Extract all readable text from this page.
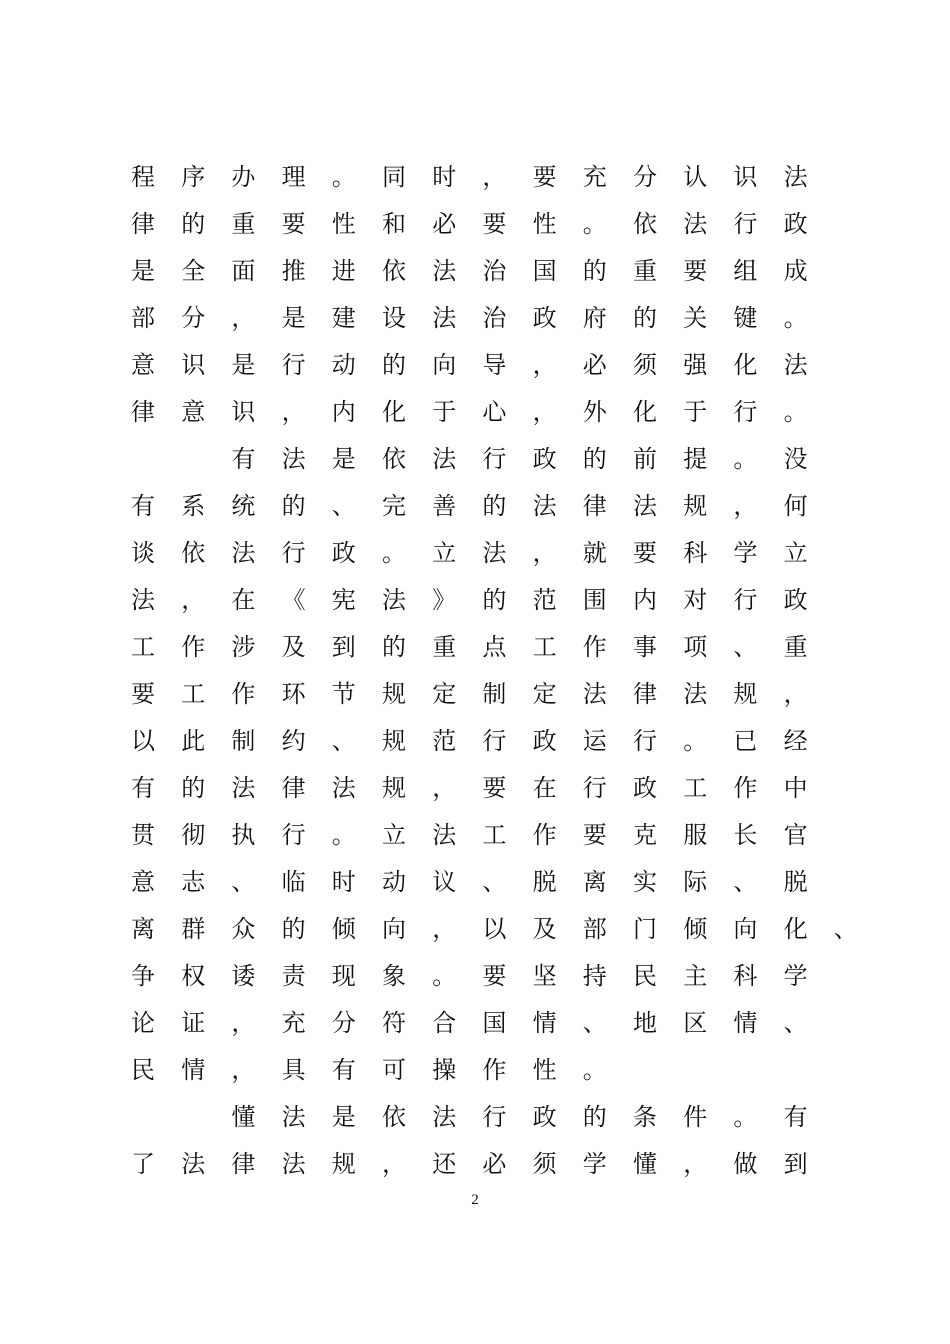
程	序	办	理	。	同	时	，	要	充	分	认	识	法
律	的	重	要	性	和	必	要	性	。	依	法	行	政
是	全	面	推	进	依	法	治	国	的	重	要	组	成
部	分	，	是	建	设	法	治	政	府	的	关	键	。
意	识	是	行	动	的	向	导	，	必	须	强	化	法
律	意	识	，	内	化	于	心	，	外	化	于	行	。
有	法	是	依	法	行	政	的	前	提	。	没
有	系	统	的	、	完	善	的	法	律	法	规	，	何
谈	依	法	行	政	。	立	法	，	就	要	科	学	立
法	，	在	《	宪	法	》	的	范	围	内	对	行	政
工	作	涉	及	到	的	重	点	工	作	事	项	、	重
要	工	作	环	节	规	定	制	定	法	律	法	规	，
以	此	制	约	、	规	范	行	政	运	行	。	已	经
有	的	法	律	法	规	，	要	在	行	政	工	作	中
贯	彻	执	行	。	立	法	工	作	要	克	服	长	官
意	志	、	临	时	动	议	、	脱	离	实	际	、	脱
离	群	众	的	倾	向	，	以	及	部	门	倾	向	化	、
争	权	诿	责	现	象	。	要	坚	持	民	主	科	学
论	证	，	充	分	符	合	国	情	、	地	区	情	、
民	情	，	具	有	可	操	作	性	。
懂	法	是	依	法	行	政	的	条	件	。	有
了	法	律	法	规	，	还	必	须	学	懂	，	做	到
2
